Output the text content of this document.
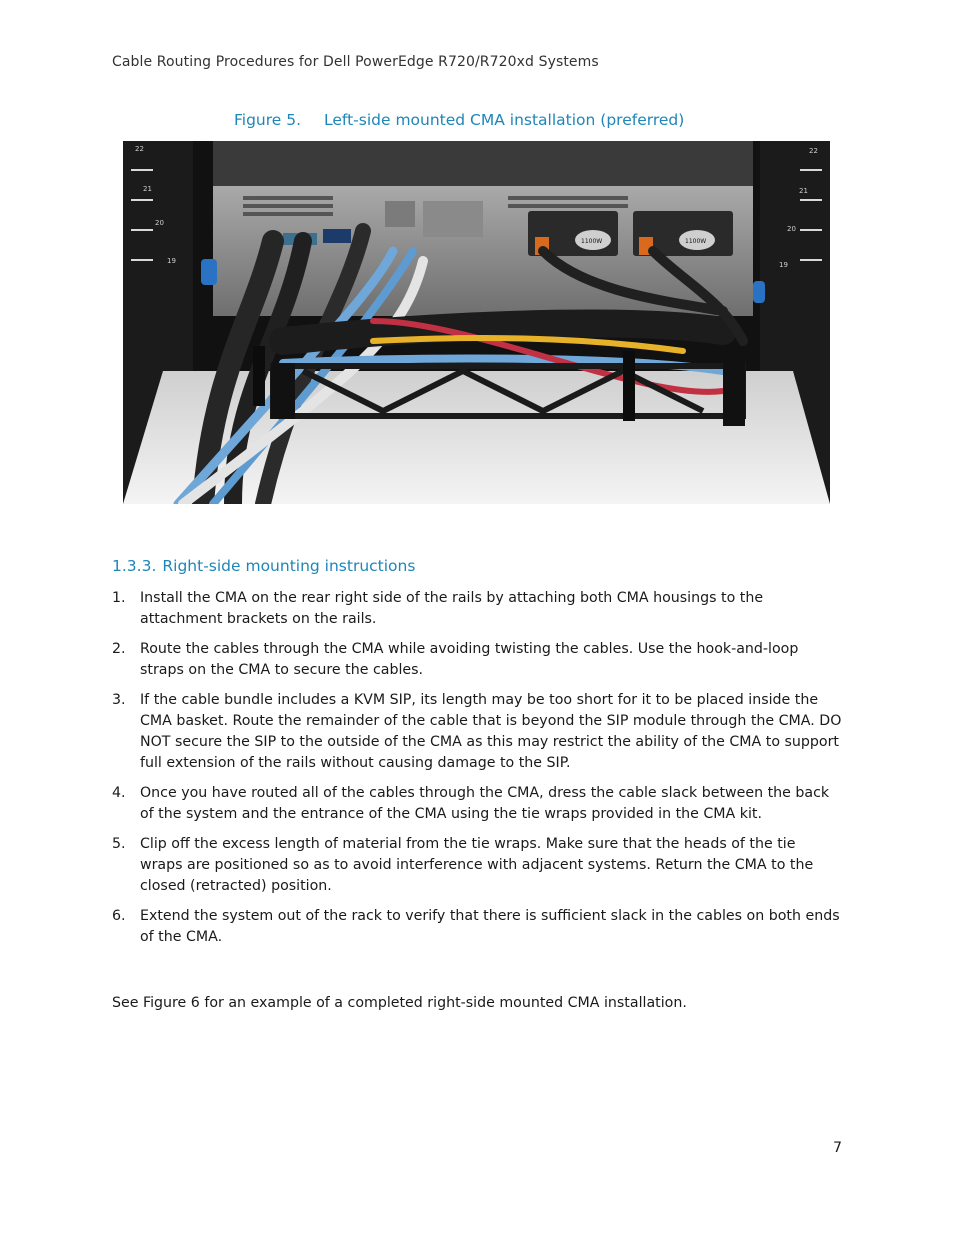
Cable Routing Procedures for Dell PowerEdge R720/R720xd Systems
Figure 5. Left-side mounted CMA installation (preferred)
22
21
20
19
22
21
20
19
1100W	1100W
1.3.3. Right-side mounting instructions
1. Install the CMA on the rear right side of the rails by attaching both CMA housings to the attachment brackets on the rails.
2. Route the cables through the CMA while avoiding twisting the cables. Use the hook-and-loop straps on the CMA to secure the cables.
3. If the cable bundle includes a KVM SIP, its length may be too short for it to be placed inside the CMA basket. Route the remainder of the cable that is beyond the SIP module through the CMA. DO NOT secure the SIP to the outside of the CMA as this may restrict the ability of the CMA to support full extension of the rails without causing damage to the SIP.
4. Once you have routed all of the cables through the CMA, dress the cable slack between the back of the system and the entrance of the CMA using the tie wraps provided in the CMA kit.
5. Clip off the excess length of material from the tie wraps. Make sure that the heads of the tie wraps are positioned so as to avoid interference with adjacent systems. Return the CMA to the closed (retracted) position.
6. Extend the system out of the rack to verify that there is sufficient slack in the cables on both ends of the CMA.
See Figure 6 for an example of a completed right-side mounted CMA installation.
7
